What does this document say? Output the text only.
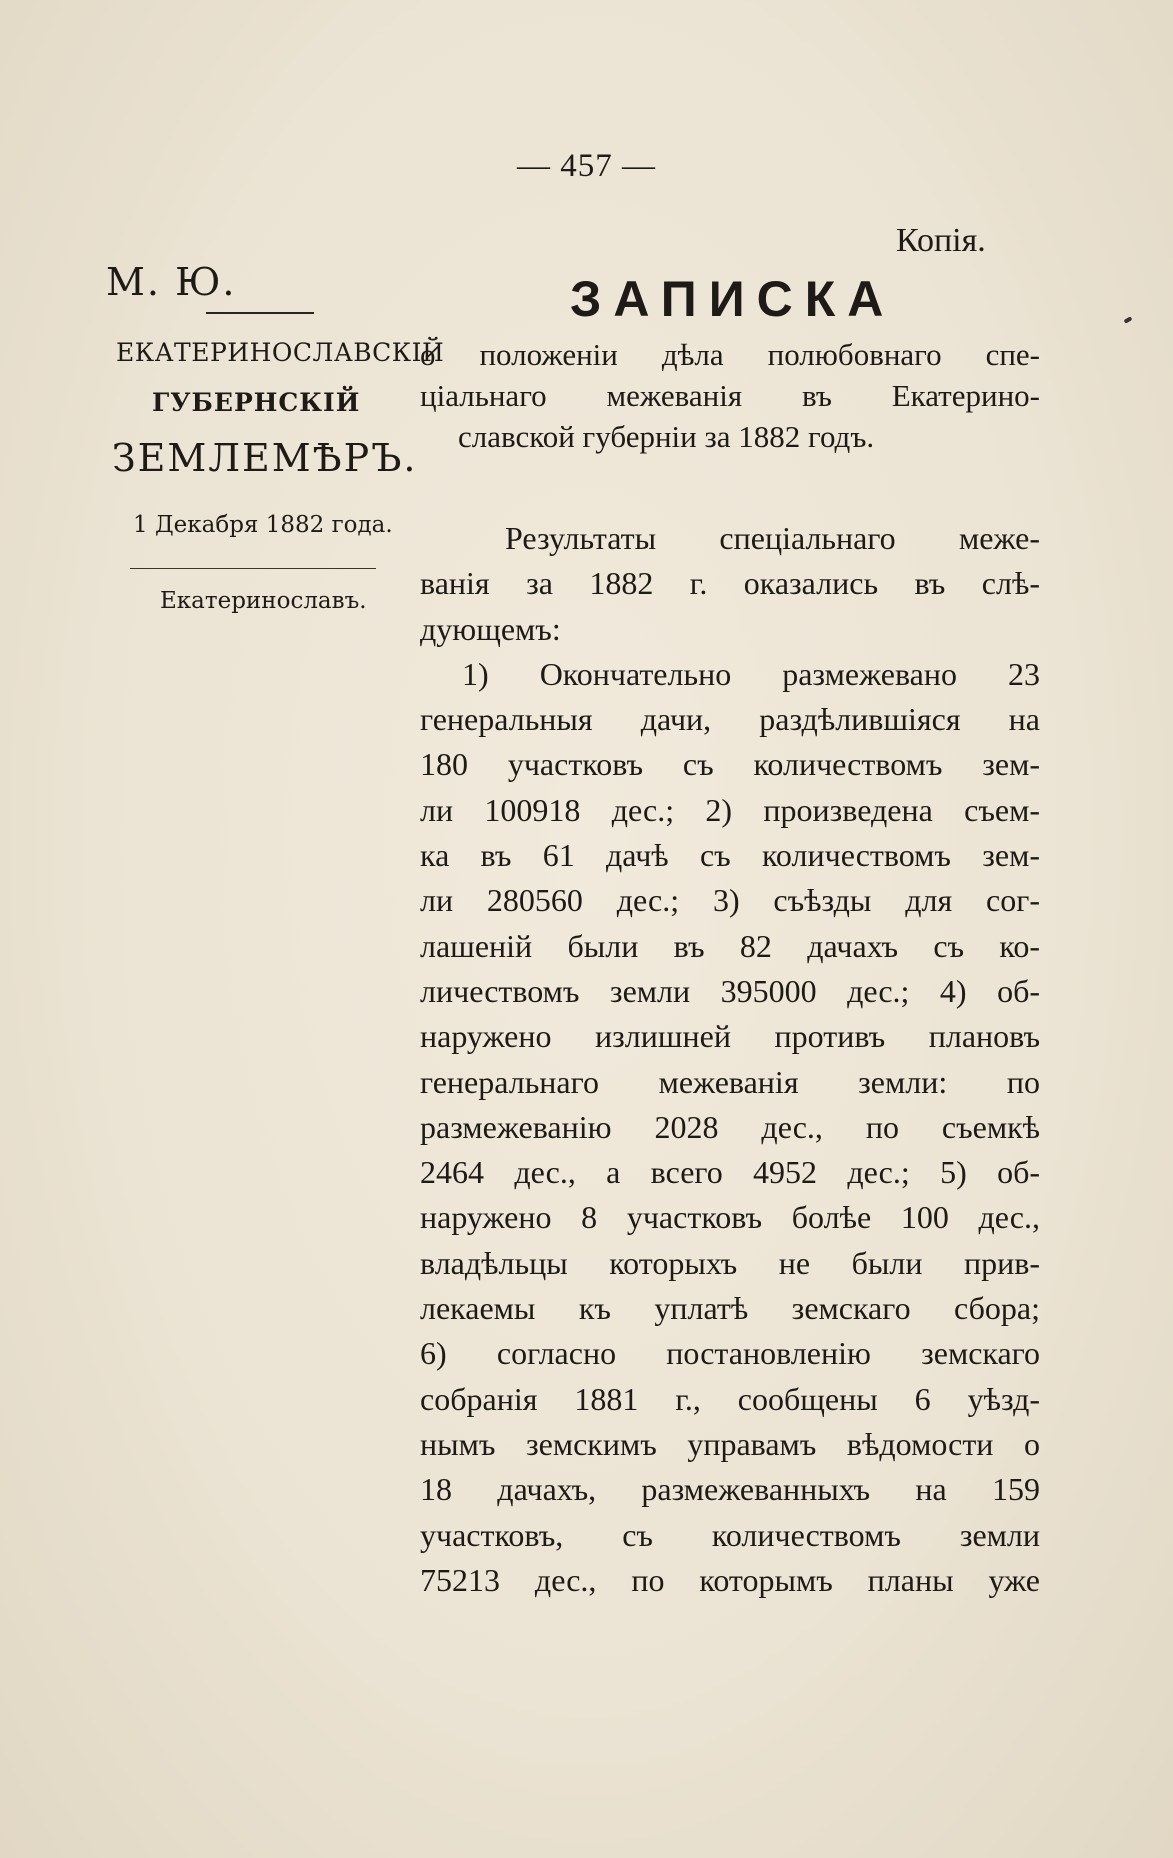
— 457 —
Копія.
М. Ю.
ЕКАТЕРИНОСЛАВСКІЙ
ГУБЕРНСКІЙ
ЗЕМЛЕМѢРЪ.
1 Декабря 1882 года.
Екатеринославъ.
ЗАПИСКА
о положеніи дѣла полюбовнаго спе-
ціальнаго межеванія въ Екатерино-
славской губерніи за 1882 годъ.
Результаты спеціальнаго меже-
ванія за 1882 г. оказались въ слѣ-
дующемъ:
1) Окончательно размежевано 23
генеральныя дачи, раздѣлившіяся на
180 участковъ съ количествомъ зем-
ли 100918 дес.; 2) произведена съем-
ка въ 61 дачѣ съ количествомъ зем-
ли 280560 дес.; 3) съѣзды для сог-
лашеній были въ 82 дачахъ съ ко-
личествомъ земли 395000 дес.; 4) об-
наружено излишней противъ плановъ
генеральнаго межеванія земли: по
размежеванію 2028 дес., по съемкѣ
2464 дес., а всего 4952 дес.; 5) об-
наружено 8 участковъ болѣе 100 дес.,
владѣльцы которыхъ не были прив-
лекаемы къ уплатѣ земскаго сбора;
6) согласно постановленію земскаго
собранія 1881 г., сообщены 6 уѣзд-
нымъ земскимъ управамъ вѣдомости о
18 дачахъ, размежеванныхъ на 159
участковъ, съ количествомъ земли
75213 дес., по которымъ планы уже
